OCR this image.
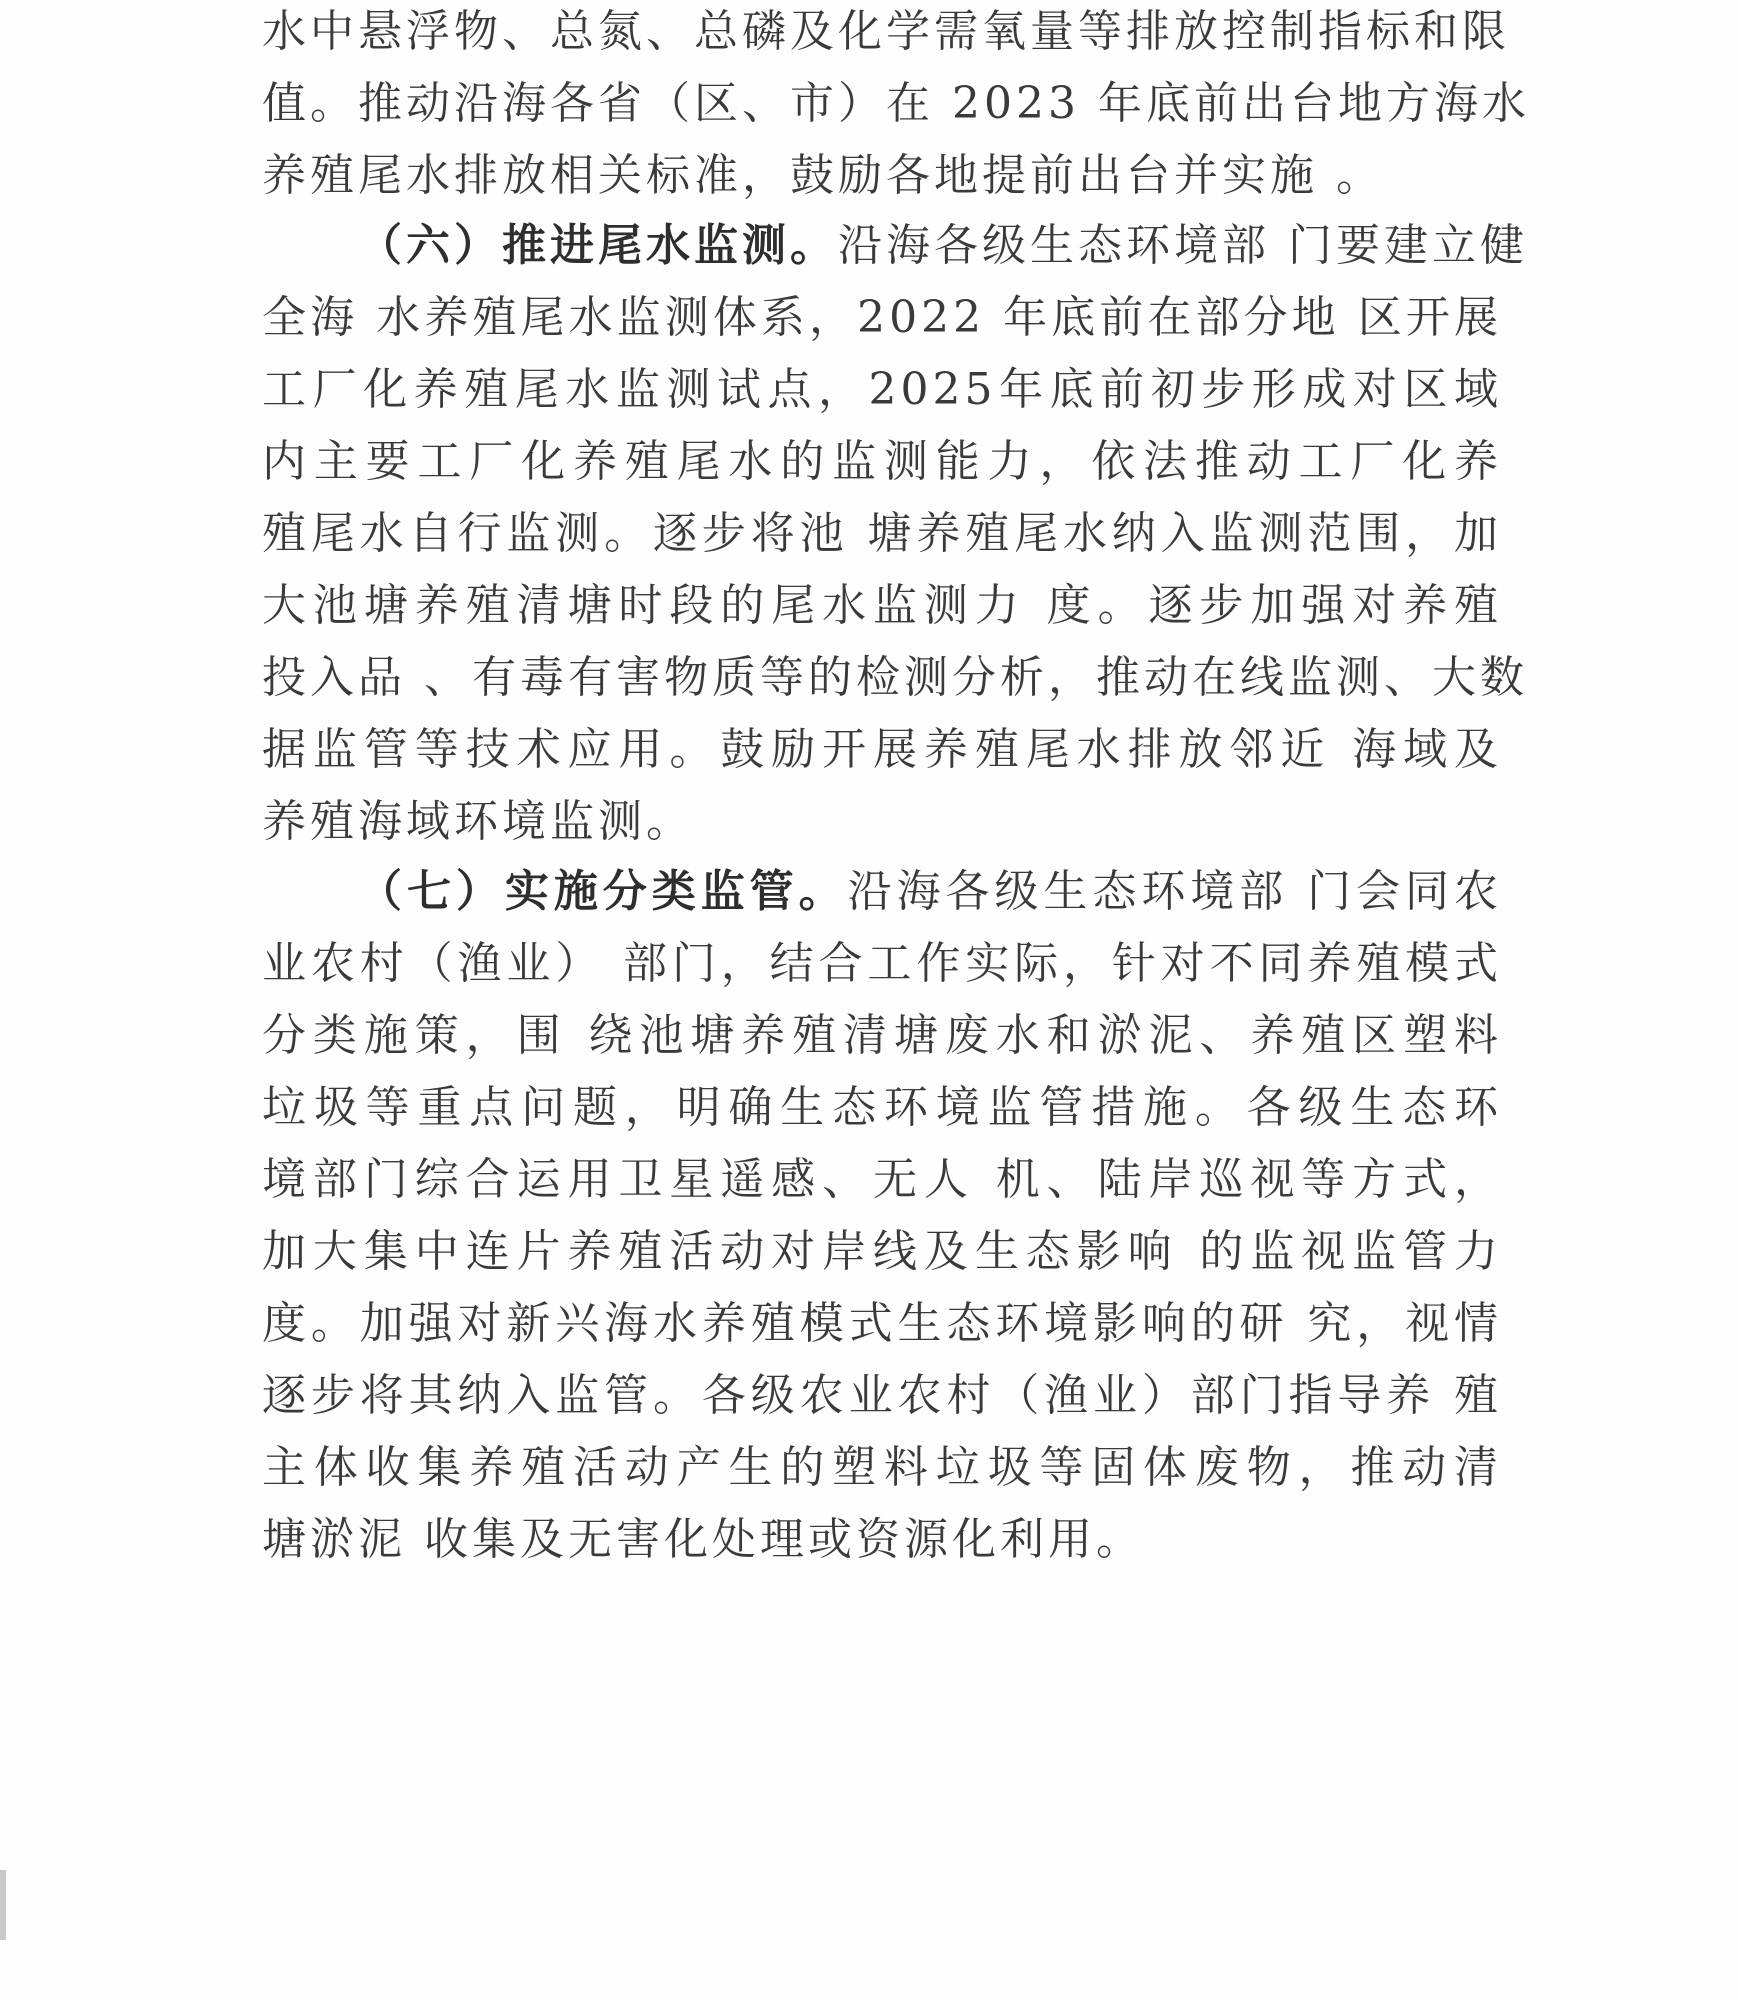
水中悬浮物、总氮、总磷及化学需氧量等排放控制指标和限
值。推动沿海各省（区、市）在 2023 年底前出台地方海水
养殖尾水排放相关标准，鼓励各地提前出台并实施 。
（六）推进尾水监测。沿海各级生态环境部 门要建立健
全海 水养殖尾水监测体系，2022 年底前在部分地 区开展
工厂化养殖尾水监测试点，2025年底前初步形成对区域
内主要工厂化养殖尾水的监测能力，依法推动工厂化养
殖尾水自行监测。逐步将池 塘养殖尾水纳入监测范围，加
大池塘养殖清塘时段的尾水监测力 度。逐步加强对养殖
投入品 、有毒有害物质等的检测分析，推动在线监测、大数
据监管等技术应用。鼓励开展养殖尾水排放邻近 海域及
养殖海域环境监测。
（七）实施分类监管。沿海各级生态环境部 门会同农
业农村（渔业） 部门，结合工作实际，针对不同养殖模式
分类施策，围 绕池塘养殖清塘废水和淤泥、养殖区塑料
垃圾等重点问题，明确生态环境监管措施。各级生态环
境部门综合运用卫星遥感、无人 机、陆岸巡视等方式，
加大集中连片养殖活动对岸线及生态影响 的监视监管力
度。加强对新兴海水养殖模式生态环境影响的研 究，视情
逐步将其纳入监管。各级农业农村（渔业）部门指导养 殖
主体收集养殖活动产生的塑料垃圾等固体废物，推动清
塘淤泥 收集及无害化处理或资源化利用。
